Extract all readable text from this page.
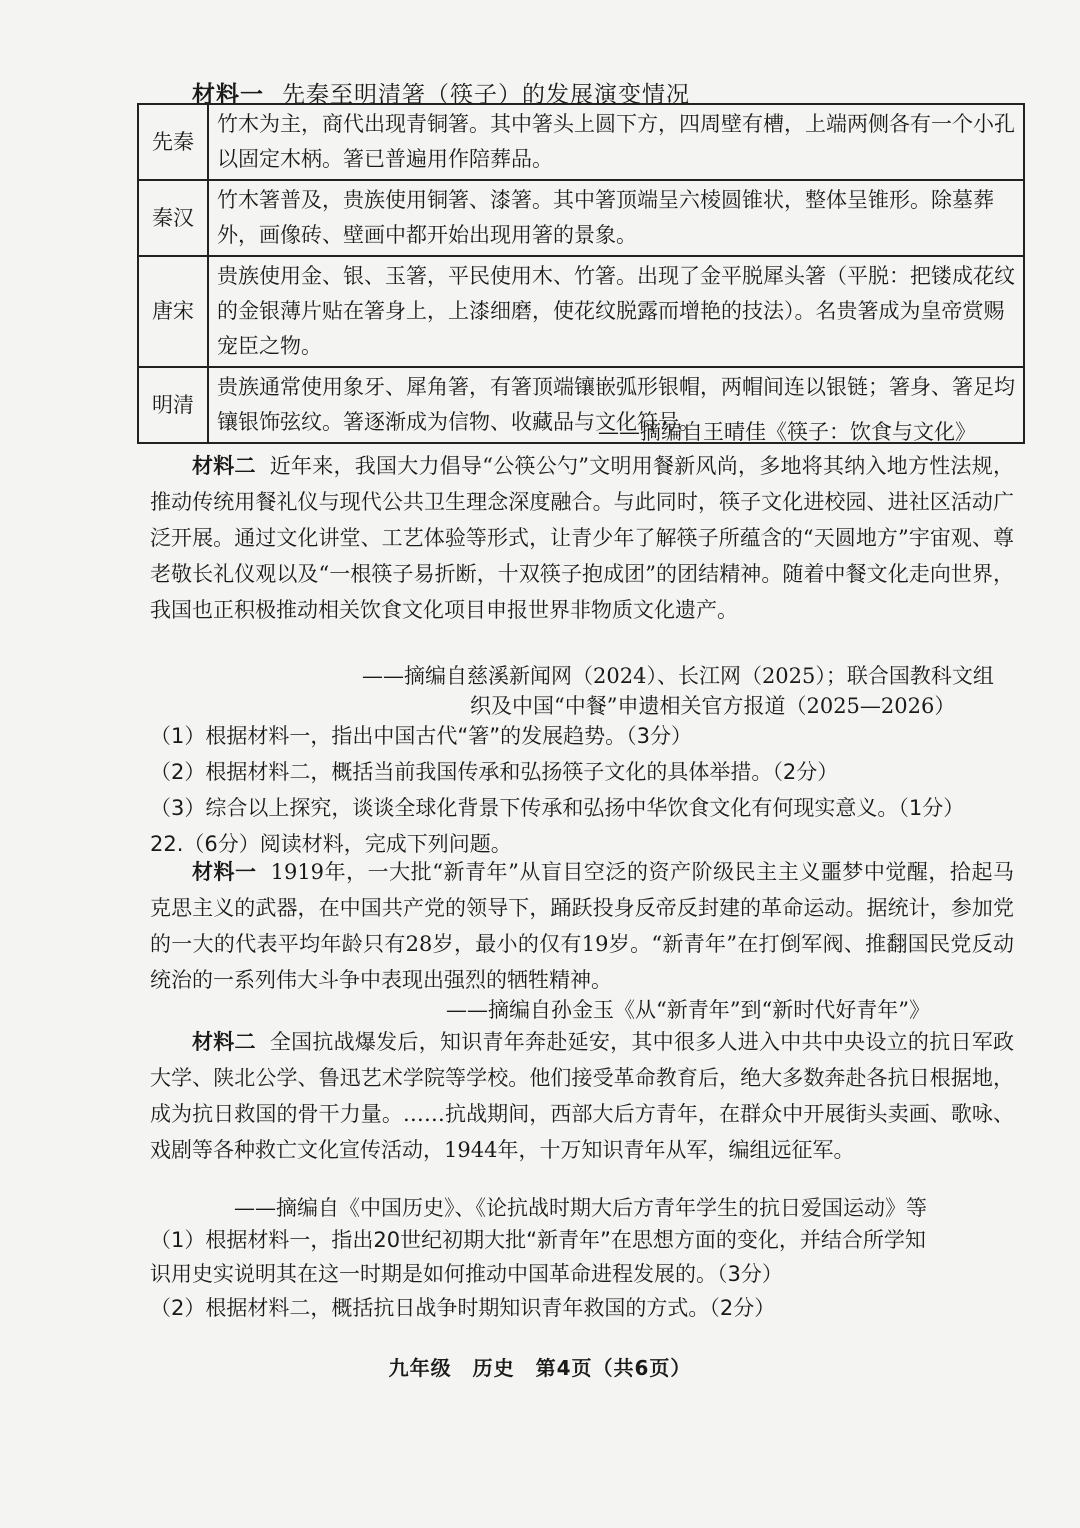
材料一 先秦至明清箸（筷子）的发展演变情况
先秦	竹木为主，商代出现青铜箸。其中箸头上圆下方，四周壁有槽，上端两侧各有一个小孔以固定木柄。箸已普遍用作陪葬品。
秦汉	竹木箸普及，贵族使用铜箸、漆箸。其中箸顶端呈六棱圆锥状，整体呈锥形。除墓葬外，画像砖、壁画中都开始出现用箸的景象。
唐宋	贵族使用金、银、玉箸，平民使用木、竹箸。出现了金平脱犀头箸（平脱：把镂成花纹的金银薄片贴在箸身上，上漆细磨，使花纹脱露而增艳的技法）。名贵箸成为皇帝赏赐宠臣之物。
明清	贵族通常使用象牙、犀角箸，有箸顶端镶嵌弧形银帽，两帽间连以银链；箸身、箸足均镶银饰弦纹。箸逐渐成为信物、收藏品与文化符号。
——摘编自王晴佳《筷子：饮食与文化》
材料二 近年来，我国大力倡导“公筷公勺”文明用餐新风尚，多地将其纳入地方性法规，推动传统用餐礼仪与现代公共卫生理念深度融合。与此同时，筷子文化进校园、进社区活动广泛开展。通过文化讲堂、工艺体验等形式，让青少年了解筷子所蕴含的“天圆地方”宇宙观、尊老敬长礼仪观以及“一根筷子易折断，十双筷子抱成团”的团结精神。随着中餐文化走向世界，我国也正积极推动相关饮食文化项目申报世界非物质文化遗产。
——摘编自慈溪新闻网（2024）、长江网（2025）；联合国教科文组
织及中国“中餐”申遗相关官方报道（2025—2026）
（1）根据材料一，指出中国古代“箸”的发展趋势。（3分）
（2）根据材料二，概括当前我国传承和弘扬筷子文化的具体举措。（2分）
（3）综合以上探究，谈谈全球化背景下传承和弘扬中华饮食文化有何现实意义。（1分）
22.（6分）阅读材料，完成下列问题。
材料一 1919年，一大批“新青年”从盲目空泛的资产阶级民主主义噩梦中觉醒，拾起马克思主义的武器，在中国共产党的领导下，踊跃投身反帝反封建的革命运动。据统计，参加党的一大的代表平均年龄只有28岁，最小的仅有19岁。“新青年”在打倒军阀、推翻国民党反动统治的一系列伟大斗争中表现出强烈的牺牲精神。
——摘编自孙金玉《从“新青年”到“新时代好青年”》
材料二 全国抗战爆发后，知识青年奔赴延安，其中很多人进入中共中央设立的抗日军政大学、陕北公学、鲁迅艺术学院等学校。他们接受革命教育后，绝大多数奔赴各抗日根据地，成为抗日救国的骨干力量。……抗战期间，西部大后方青年，在群众中开展街头卖画、歌咏、戏剧等各种救亡文化宣传活动，1944年，十万知识青年从军，编组远征军。
——摘编自《中国历史》、《论抗战时期大后方青年学生的抗日爱国运动》等
（1）根据材料一，指出20世纪初期大批“新青年”在思想方面的变化，并结合所学知
识用史实说明其在这一时期是如何推动中国革命进程发展的。（3分）
（2）根据材料二，概括抗日战争时期知识青年救国的方式。（2分）
九年级　历史　第4页（共6页）
